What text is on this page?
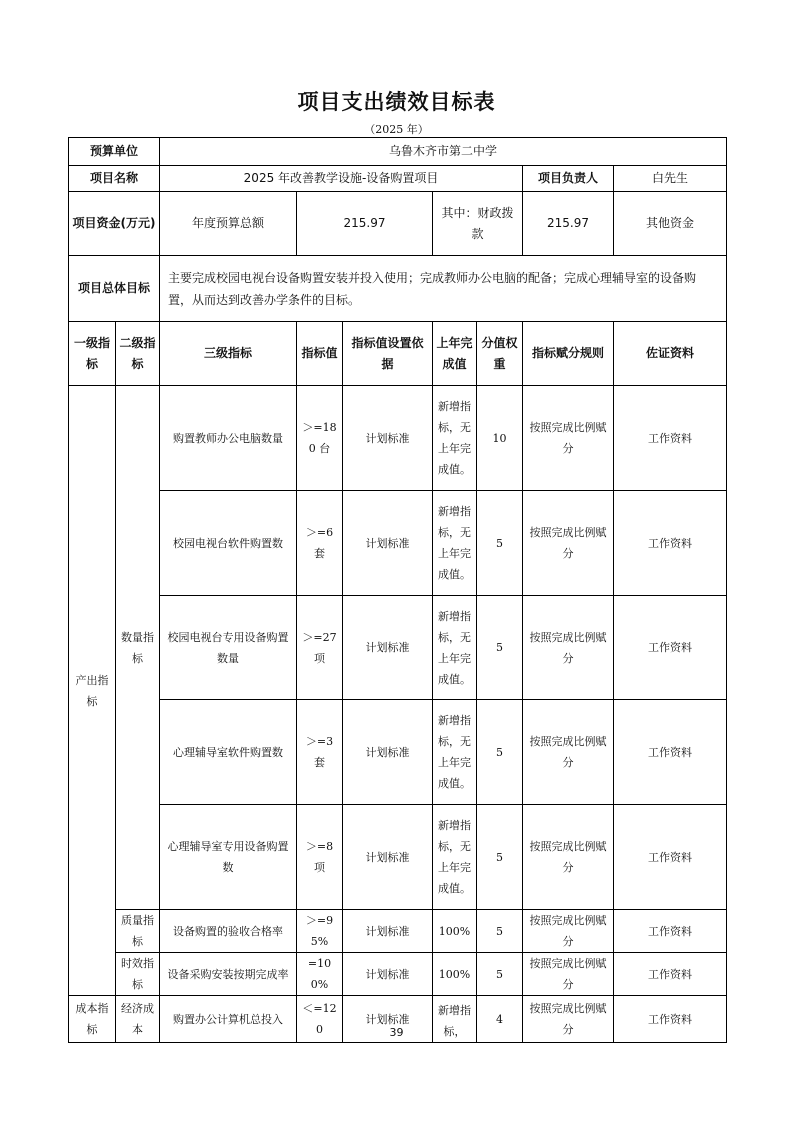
项目支出绩效目标表
（2025 年）
预算单位		乌鲁木齐市第二中学							
项目名称		2025 年改善教学设施-设备购置项目					项目负责人	白先生	
项目资金(万元)		年度预算总额	215.97		其中：财政拨款		215.97	其他资金	
项目总体目标		主要完成校园电视台设备购置安装并投入使用；完成教师办公电脑的配备；完成心理辅导室的设备购置，从而达到改善办学条件的目标。							
一级指标	二级指标	三级指标	指标值	指标值设置依据	上年完成值	分值权重	指标赋分规则	佐证资料	
产出指标	数量指标	购置教师办公电脑数量	＞=180 台	计划标准	新增指标，无上年完成值。	10	按照完成比例赋分	工作资料	
		校园电视台软件购置数	＞=6 套	计划标准	新增指标，无上年完成值。	5	按照完成比例赋分	工作资料	
		校园电视台专用设备购置数量	＞=27 项	计划标准	新增指标，无上年完成值。	5	按照完成比例赋分	工作资料	
		心理辅导室软件购置数	＞=3 套	计划标准	新增指标，无上年完成值。	5	按照完成比例赋分	工作资料	
		心理辅导室专用设备购置数	＞=8 项	计划标准	新增指标，无上年完成值。	5	按照完成比例赋分	工作资料	
	质量指标	设备购置的验收合格率	＞=95%	计划标准	100%	5	按照完成比例赋分	工作资料	
	时效指标	设备采购安装按期完成率	=100%	计划标准	100%	5	按照完成比例赋分	工作资料	
成本指标	经济成本	购置办公计算机总投入	＜=120	计划标准	新增指标，	4	按照完成比例赋分	工作资料	
39
